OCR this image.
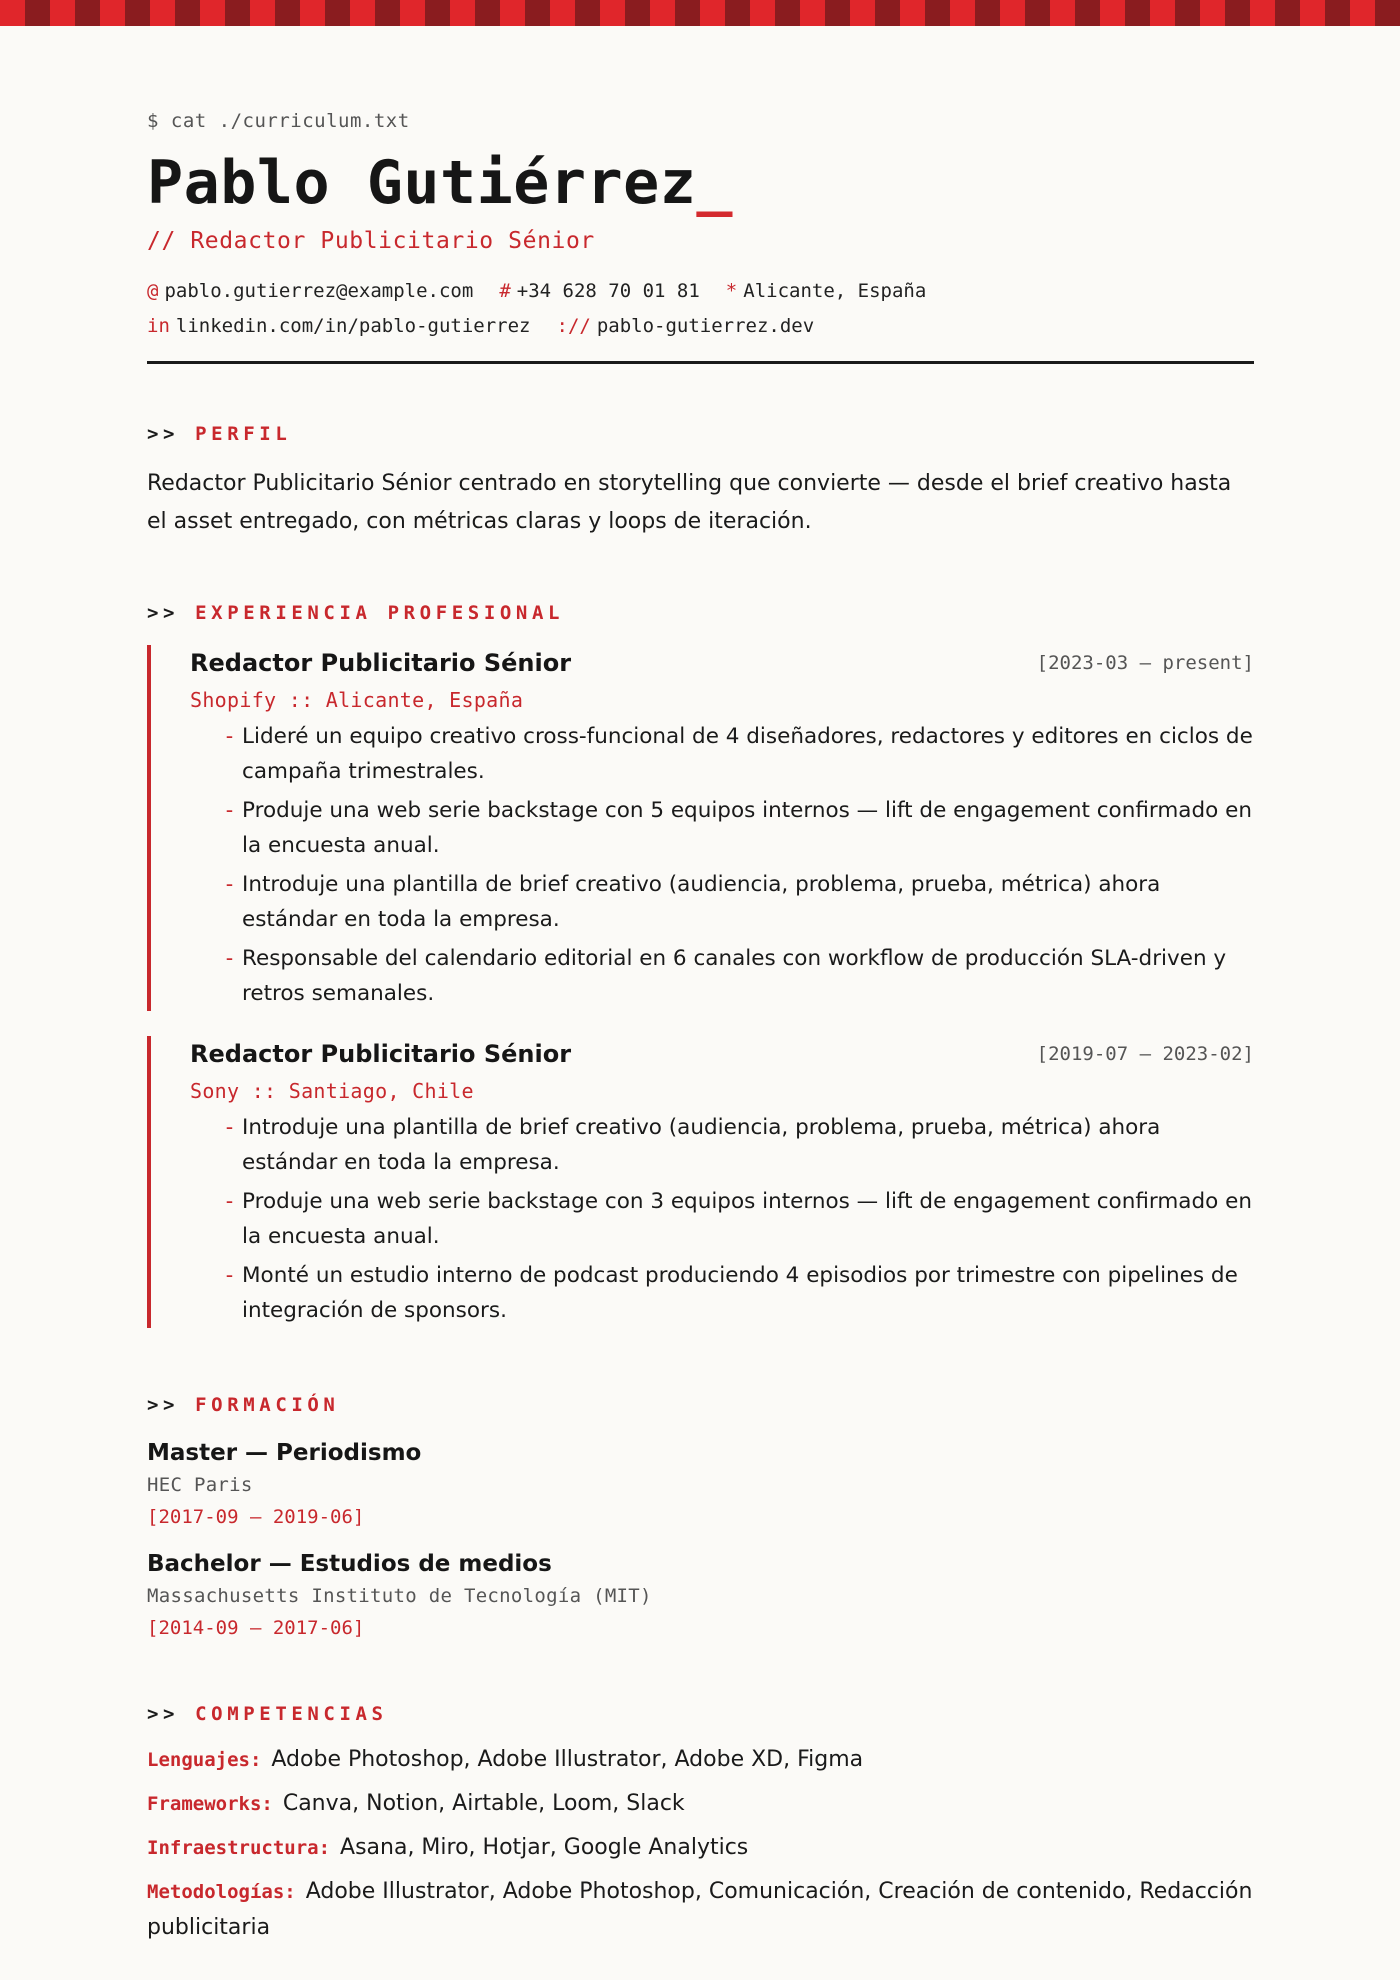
$ cat ./curriculum.txt
Pablo Gutiérrez_
// Redactor Publicitario Sénior
@ pablo.gutierrez@example.com # +34 628 70 01 81 * Alicante, España
in linkedin.com/in/pablo-gutierrez :// pablo-gutierrez.dev
>> PERFIL
Redactor Publicitario Sénior centrado en storytelling que convierte — desde el brief creativo hasta el asset entregado, con métricas claras y loops de iteración.
>> EXPERIENCIA PROFESIONAL
Redactor Publicitario Sénior	[2023-03 — present]
Shopify :: Alicante, España
- Lideré un equipo creativo cross-funcional de 4 diseñadores, redactores y editores en ciclos de campaña trimestrales.
- Produje una web serie backstage con 5 equipos internos — lift de engagement confirmado en la encuesta anual.
- Introduje una plantilla de brief creativo (audiencia, problema, prueba, métrica) ahora estándar en toda la empresa.
- Responsable del calendario editorial en 6 canales con workflow de producción SLA-driven y retros semanales.
Redactor Publicitario Sénior	[2019-07 — 2023-02]
Sony :: Santiago, Chile
- Introduje una plantilla de brief creativo (audiencia, problema, prueba, métrica) ahora estándar en toda la empresa.
- Produje una web serie backstage con 3 equipos internos — lift de engagement confirmado en la encuesta anual.
- Monté un estudio interno de podcast produciendo 4 episodios por trimestre con pipelines de integración de sponsors.
>> FORMACIÓN
Master — Periodismo
HEC Paris
[2017-09 – 2019-06]
Bachelor — Estudios de medios
Massachusetts Instituto de Tecnología (MIT)
[2014-09 – 2017-06]
>> COMPETENCIAS
Lenguajes: Adobe Photoshop, Adobe Illustrator, Adobe XD, Figma
Frameworks: Canva, Notion, Airtable, Loom, Slack
Infraestructura: Asana, Miro, Hotjar, Google Analytics
Metodologías: Adobe Illustrator, Adobe Photoshop, Comunicación, Creación de contenido, Redacción publicitaria
